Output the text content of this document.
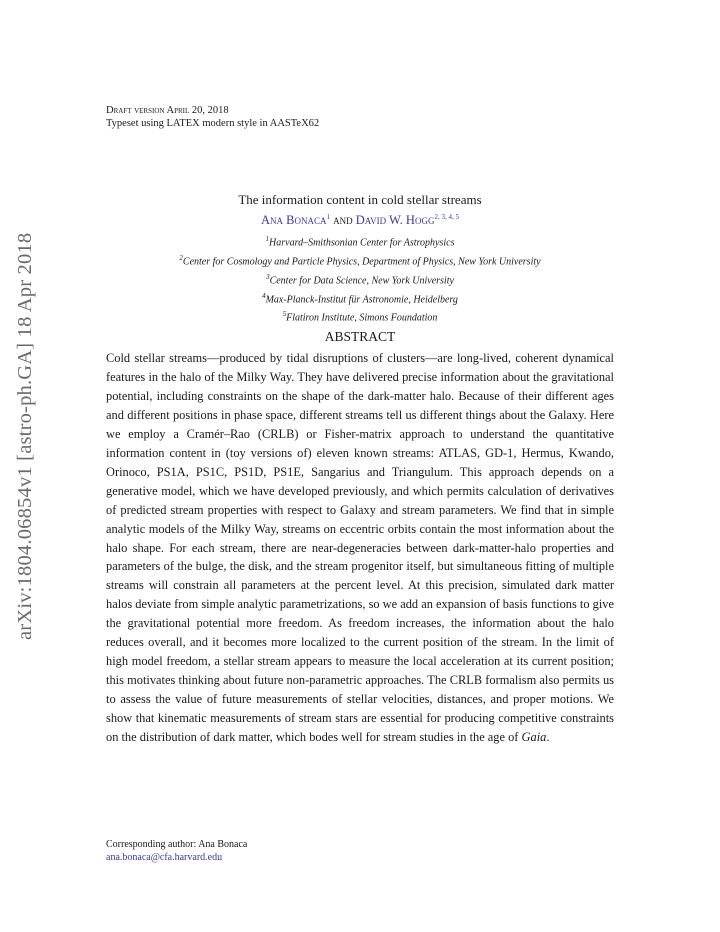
arXiv:1804.06854v1 [astro-ph.GA] 18 Apr 2018
Draft version April 20, 2018
Typeset using LATEX modern style in AASTeX62
The information content in cold stellar streams
Ana Bonaca$^1$ and David W. Hogg$^{2, 3, 4, 5}$
$^1$Harvard–Smithsonian Center for Astrophysics
$^2$Center for Cosmology and Particle Physics, Department of Physics, New York University
$^3$Center for Data Science, New York University
$^4$Max-Planck-Institut für Astronomie, Heidelberg
$^5$Flatiron Institute, Simons Foundation
ABSTRACT
Cold stellar streams—produced by tidal disruptions of clusters—are long-lived, coherent dynamical features in the halo of the Milky Way. They have delivered precise information about the gravitational potential, including constraints on the shape of the dark-matter halo. Because of their different ages and different positions in phase space, different streams tell us different things about the Galaxy. Here we employ a Cramér–Rao (CRLB) or Fisher-matrix approach to understand the quantitative information content in (toy versions of) eleven known streams: ATLAS, GD-1, Hermus, Kwando, Orinoco, PS1A, PS1C, PS1D, PS1E, Sangarius and Triangulum. This approach depends on a generative model, which we have developed previously, and which permits calculation of derivatives of predicted stream properties with respect to Galaxy and stream parameters. We find that in simple analytic models of the Milky Way, streams on eccentric orbits contain the most information about the halo shape. For each stream, there are near-degeneracies between dark-matter-halo properties and parameters of the bulge, the disk, and the stream progenitor itself, but simultaneous fitting of multiple streams will constrain all parameters at the percent level. At this precision, simulated dark matter halos deviate from simple analytic parametrizations, so we add an expansion of basis functions to give the gravitational potential more freedom. As freedom increases, the information about the halo reduces overall, and it becomes more localized to the current position of the stream. In the limit of high model freedom, a stellar stream appears to measure the local acceleration at its current position; this motivates thinking about future non-parametric approaches. The CRLB formalism also permits us to assess the value of future measurements of stellar velocities, distances, and proper motions. We show that kinematic measurements of stream stars are essential for producing competitive constraints on the distribution of dark matter, which bodes well for stream studies in the age of Gaia.
Corresponding author: Ana Bonaca
ana.bonaca@cfa.harvard.edu
